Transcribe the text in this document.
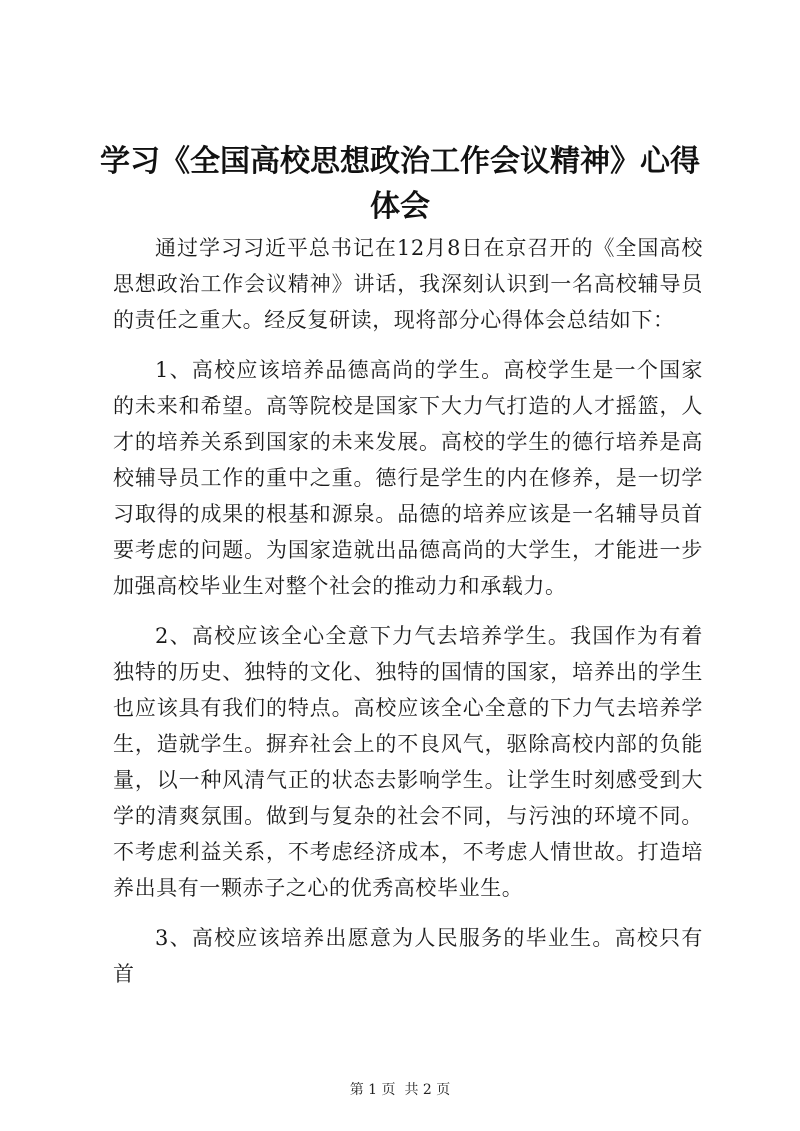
学习《全国高校思想政治工作会议精神》心得
体会

通过学习习近平总书记在12月8日在京召开的《全国高校思想政治工作会议精神》讲话，我深刻认识到一名高校辅导员的责任之重大。经反复研读，现将部分心得体会总结如下：

1、高校应该培养品德高尚的学生。高校学生是一个国家的未来和希望。高等院校是国家下大力气打造的人才摇篮，人才的培养关系到国家的未来发展。高校的学生的德行培养是高校辅导员工作的重中之重。德行是学生的内在修养，是一切学习取得的成果的根基和源泉。品德的培养应该是一名辅导员首要考虑的问题。为国家造就出品德高尚的大学生，才能进一步加强高校毕业生对整个社会的推动力和承载力。

2、高校应该全心全意下力气去培养学生。我国作为有着独特的历史、独特的文化、独特的国情的国家，培养出的学生也应该具有我们的特点。高校应该全心全意的下力气去培养学生，造就学生。摒弃社会上的不良风气，驱除高校内部的负能量，以一种风清气正的状态去影响学生。让学生时刻感受到大学的清爽氛围。做到与复杂的社会不同，与污浊的环境不同。不考虑利益关系，不考虑经济成本，不考虑人情世故。打造培养出具有一颗赤子之心的优秀高校毕业生。

3、高校应该培养出愿意为人民服务的毕业生。高校只有首

第 1 页  共 2 页
